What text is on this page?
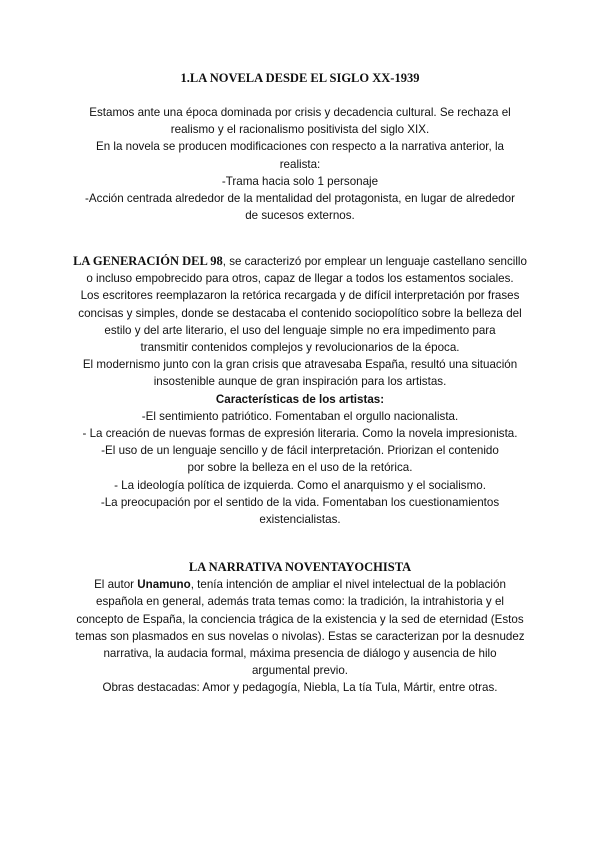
1.LA NOVELA DESDE EL SIGLO XX-1939
Estamos ante una época dominada por crisis y decadencia cultural. Se rechaza el
realismo y el racionalismo positivista del siglo XIX.
En la novela se producen modificaciones con respecto a la narrativa anterior, la
realista:
-Trama hacia solo 1 personaje
-Acción centrada alrededor de la mentalidad del protagonista, en lugar de alrededor
de sucesos externos.
LA GENERACIÓN DEL 98, se caracterizó por emplear un lenguaje castellano sencillo
o incluso empobrecido para otros, capaz de llegar a todos los estamentos sociales.
Los escritores reemplazaron la retórica recargada y de difícil interpretación por frases
concisas y simples, donde se destacaba el contenido sociopolítico sobre la belleza del
estilo y del arte literario, el uso del lenguaje simple no era impedimento para
transmitir contenidos complejos y revolucionarios de la época.
El modernismo junto con la gran crisis que atravesaba España, resultó una situación
insostenible aunque de gran inspiración para los artistas.
Características de los artistas:
-El sentimiento patriótico. Fomentaban el orgullo nacionalista.
- La creación de nuevas formas de expresión literaria. Como la novela impresionista.
-El uso de un lenguaje sencillo y de fácil interpretación. Priorizan el contenido
por sobre la belleza en el uso de la retórica.
- La ideología política de izquierda. Como el anarquismo y el socialismo.
-La preocupación por el sentido de la vida. Fomentaban los cuestionamientos
existencialistas.
LA NARRATIVA NOVENTAYOCHISTA
El autor Unamuno, tenía intención de ampliar el nivel intelectual de la población
española en general, además trata temas como: la tradición, la intrahistoria y el
concepto de España, la conciencia trágica de la existencia y la sed de eternidad (Estos
temas son plasmados en sus novelas o nivolas). Estas se caracterizan por la desnudez
narrativa, la audacia formal, máxima presencia de diálogo y ausencia de hilo
argumental previo.
Obras destacadas: Amor y pedagogía, Niebla, La tía Tula, Mártir, entre otras.
